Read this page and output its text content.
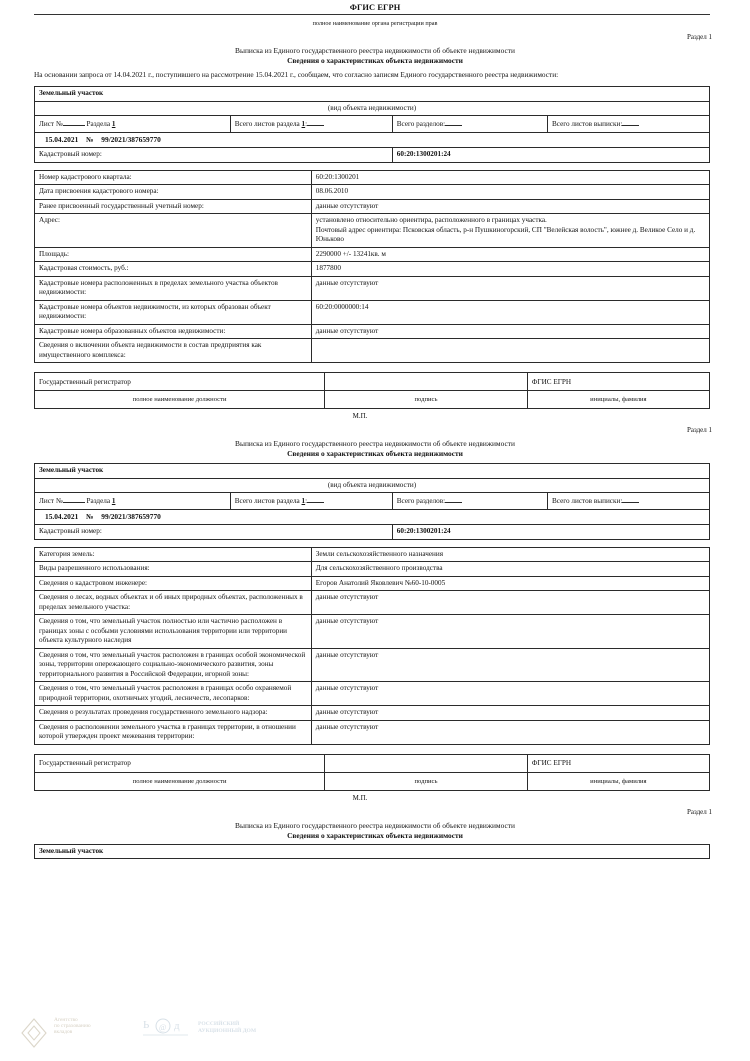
ФГИС ЕГРН
полное наименование органа регистрации прав
Раздел 1
Выписка из Единого государственного реестра недвижимости об объекте недвижимости
Сведения о характеристиках объекта недвижимости
На основании запроса от 14.04.2021 г., поступившего на рассмотрение 15.04.2021 г., сообщаем, что согласно записям Единого государственного реестра недвижимости:
Земельный участок			
(вид объекта недвижимости)			
Лист № Раздела 1	Всего листов раздела 1:	Всего разделов:	Всего листов выписки:
15.04.2021 № 99/2021/387659770			
Кадастровый номер:		60:20:1300201:24	
Номер кадастрового квартала:	60:20:1300201
Дата присвоения кадастрового номера:	08.06.2010
Ранее присвоенный государственный учетный номер:	данные отсутствуют
Адрес:	установлено относительно ориентира, расположенного в границах участка.
Почтовый адрес ориентира: Псковская область, р-н Пушкиногорский, СП "Велейская волость", южнее д. Великое Село и д. Юньково
Площадь:	2290000 +/- 13241кв. м
Кадастровая стоимость, руб.:	1877800
Кадастровые номера расположенных в пределах земельного участка объектов недвижимости:	данные отсутствуют
Кадастровые номера объектов недвижимости, из которых образован объект недвижимости:	60:20:0000000:14
Кадастровые номера образованных объектов недвижимости:	данные отсутствуют
Сведения о включении объекта недвижимости в состав предприятия как имущественного комплекса:	
Государственный регистратор		ФГИС ЕГРН
полное наименование должности	подпись	инициалы, фамилия
М.П.
Раздел 1
Выписка из Единого государственного реестра недвижимости об объекте недвижимости
Сведения о характеристиках объекта недвижимости
Земельный участок			
(вид объекта недвижимости)			
Лист № Раздела 1	Всего листов раздела 1:	Всего разделов:	Всего листов выписки:
15.04.2021 № 99/2021/387659770			
Кадастровый номер:		60:20:1300201:24	
Категория земель:	Земли сельскохозяйственного назначения
Виды разрешенного использования:	Для сельскохозяйственного производства
Сведения о кадастровом инженере:	Егоров Анатолий Яковлевич №60-10-0005
Сведения о лесах, водных объектах и об иных природных объектах, расположенных в пределах земельного участка:	данные отсутствуют
Сведения о том, что земельный участок полностью или частично расположен в границах зоны с особыми условиями использования территории или территории объекта культурного наследия	данные отсутствуют
Сведения о том, что земельный участок расположен в границах особой экономической зоны, территории опережающего социально-экономического развития, зоны территориального развития в Российской Федерации, игорной зоны:	данные отсутствуют
Сведения о том, что земельный участок расположен в границах особо охраняемой природной территории, охотничьих угодий, лесничеств, лесопарков:	данные отсутствуют
Сведения о результатах проведения государственного земельного надзора:	данные отсутствуют
Сведения о расположении земельного участка в границах территории, в отношении которой утвержден проект межевания территории:	данные отсутствуют
Государственный регистратор		ФГИС ЕГРН
полное наименование должности	подпись	инициалы, фамилия
М.П.
Раздел 1
Выписка из Единого государственного реестра недвижимости об объекте недвижимости
Сведения о характеристиках объекта недвижимости
Земельный участок
Агентство
по страхованию
вкладов
Ь @ д	РОССИЙСКИЙ
АУКЦИОННЫЙ ДОМ
